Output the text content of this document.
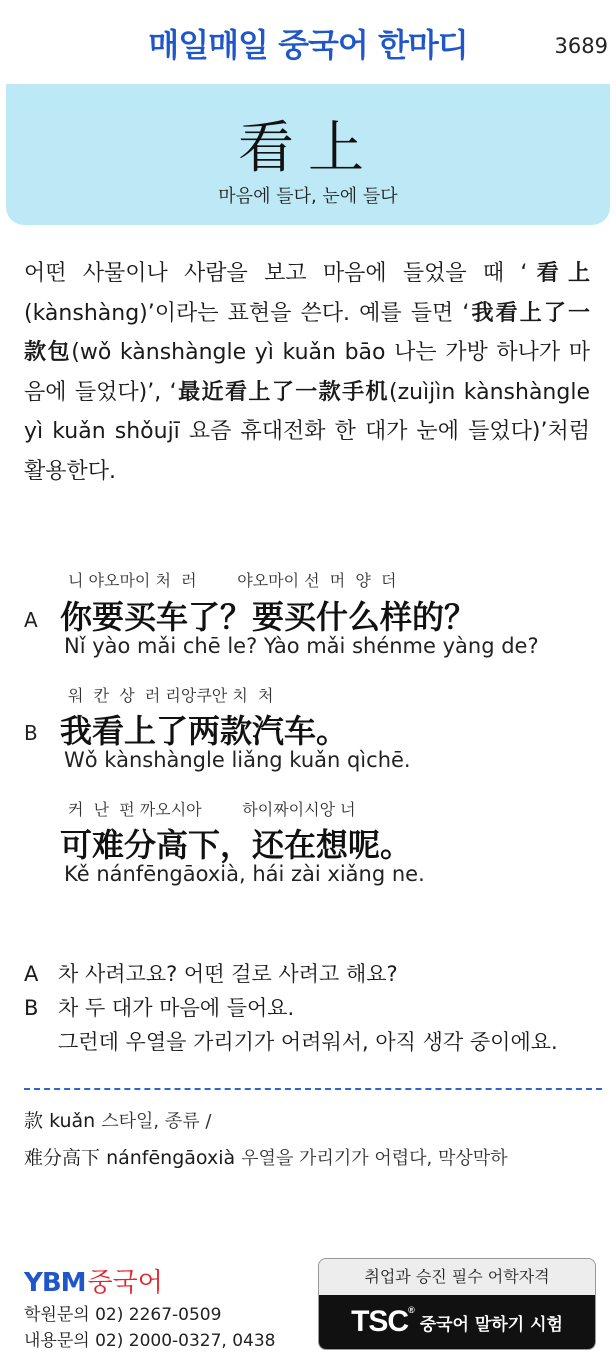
매일매일 중국어 한마디	3689
看上
마음에 들다, 눈에 들다

어떤 사물이나 사람을 보고 마음에 들었을 때 ‘看上(kànshàng)’이라는 표현을 쓴다. 예를 들면 ‘我看上了一款包(wǒ kànshàngle yì kuǎn bāo 나는 가방 하나가 마음에 들었다)’, ‘最近看上了一款手机(zuìjìn kànshàngle yì kuǎn shǒujī 요즘 휴대전화 한 대가 눈에 들었다)’처럼 활용한다.

니 야오마이 처  러        야오마이 선  머  양  더
A 你要买车了？要买什么样的？
Nǐ yào mǎi chē le? Yào mǎi shénme yàng de?
워  칸  상  러 리앙쿠안 치  처
B 我看上了两款汽车。
Wǒ kànshàngle liǎng kuǎn qìchē.
커  난  펀 까오시아        하이짜이시앙 너
可难分高下，还在想呢。
Kě nánfēngāoxià, hái zài xiǎng ne.
A 차 사려고요? 어떤 걸로 사려고 해요?
B 차 두 대가 마음에 들어요.
그런데 우열을 가리기가 어려워서, 아직 생각 중이에요.
款 kuǎn 스타일, 종류 /
难分高下 nánfēngāoxià 우열을 가리기가 어렵다, 막상막하
YBM중국어
학원문의 02) 2267-0509
내용문의 02) 2000-0327, 0438
취업과 승진 필수 어학자격
TSC®
중국어 말하기 시험
